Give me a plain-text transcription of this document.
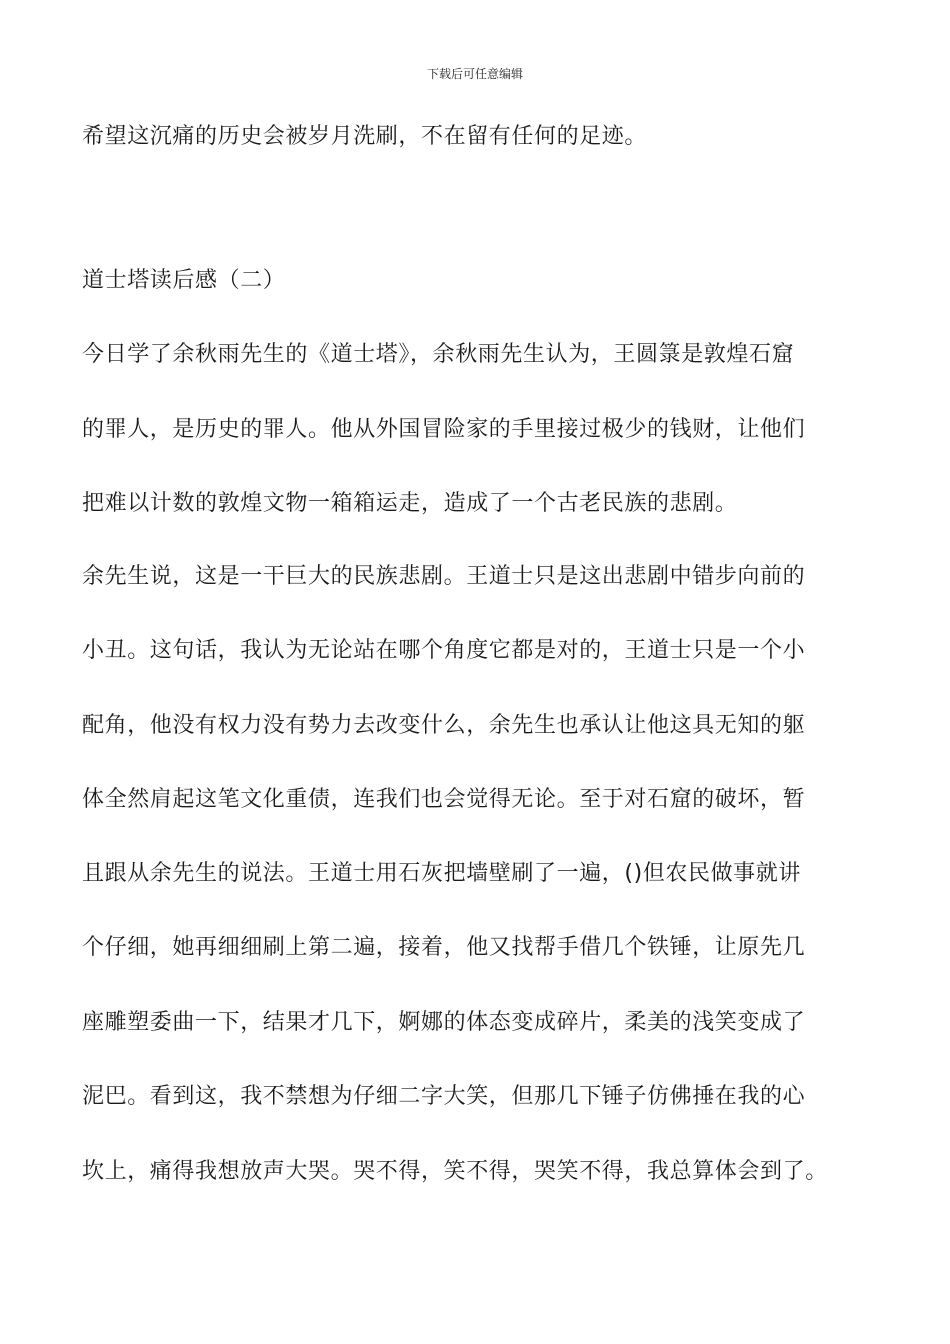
下载后可任意编辑
希望这沉痛的历史会被岁月洗刷，不在留有任何的足迹。
道士塔读后感（二）
今日学了余秋雨先生的《道士塔》，余秋雨先生认为，王圆箓是敦煌石窟
的罪人，是历史的罪人。他从外国冒险家的手里接过极少的钱财，让他们
把难以计数的敦煌文物一箱箱运走，造成了一个古老民族的悲剧。
余先生说，这是一干巨大的民族悲剧。王道士只是这出悲剧中错步向前的
小丑。这句话，我认为无论站在哪个角度它都是对的，王道士只是一个小
配角，他没有权力没有势力去改变什么，余先生也承认让他这具无知的躯
体全然肩起这笔文化重债，连我们也会觉得无论。至于对石窟的破坏，暂
且跟从余先生的说法。王道士用石灰把墙壁刷了一遍，()但农民做事就讲
个仔细，她再细细刷上第二遍，接着，他又找帮手借几个铁锤，让原先几
座雕塑委曲一下，结果才几下，婀娜的体态变成碎片，柔美的浅笑变成了
泥巴。看到这，我不禁想为仔细二字大笑，但那几下锤子仿佛捶在我的心
坎上，痛得我想放声大哭。哭不得，笑不得，哭笑不得，我总算体会到了。
